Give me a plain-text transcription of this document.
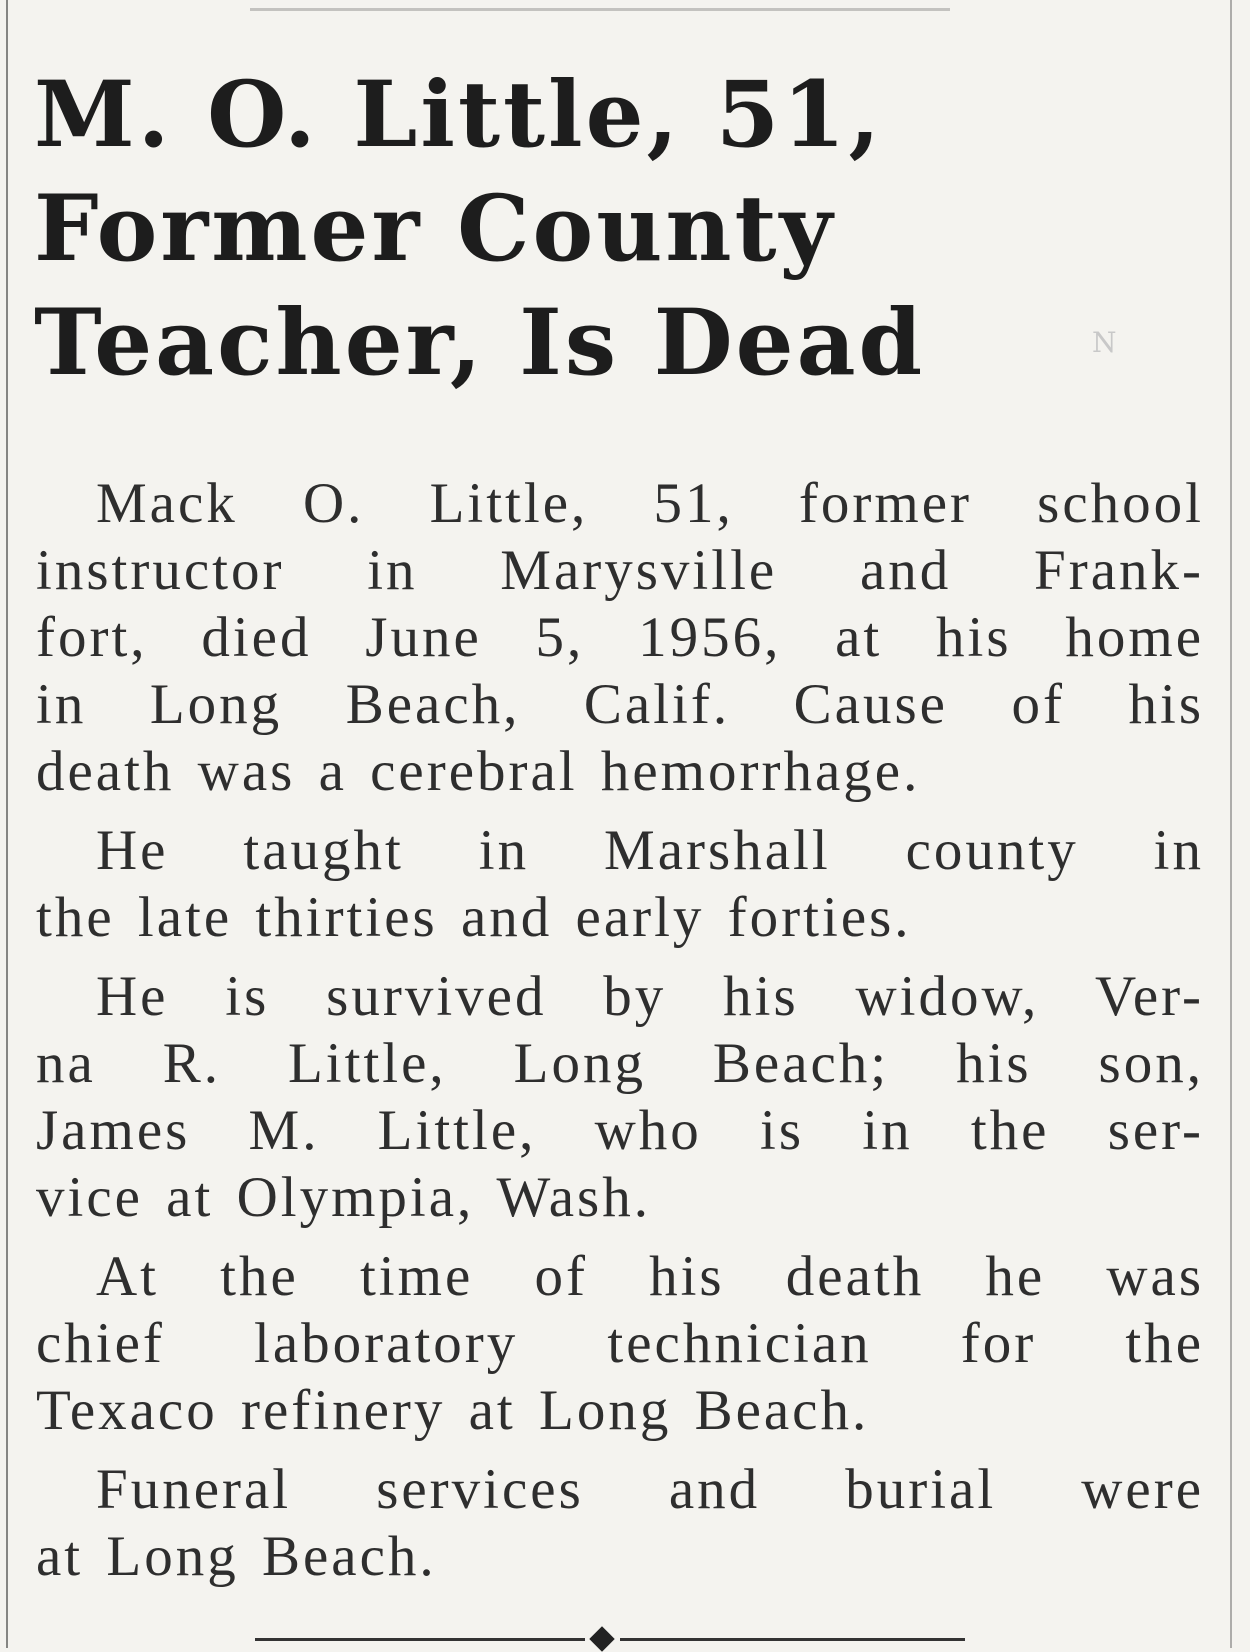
M. O. Little, 51,
Former County
Teacher, Is Dead	N
Mack O. Little, 51, former school
instructor in Marysville and Frank-
fort, died June 5, 1956, at his home
in Long Beach, Calif. Cause of his
death was a cerebral hemorrhage.
He taught in Marshall county in
the late thirties and early forties.
He is survived by his widow, Ver-
na R. Little, Long Beach; his son,
James M. Little, who is in the ser-
vice at Olympia, Wash.
At the time of his death he was
chief laboratory technician for the
Texaco refinery at Long Beach.
Funeral services and burial were
at Long Beach.
